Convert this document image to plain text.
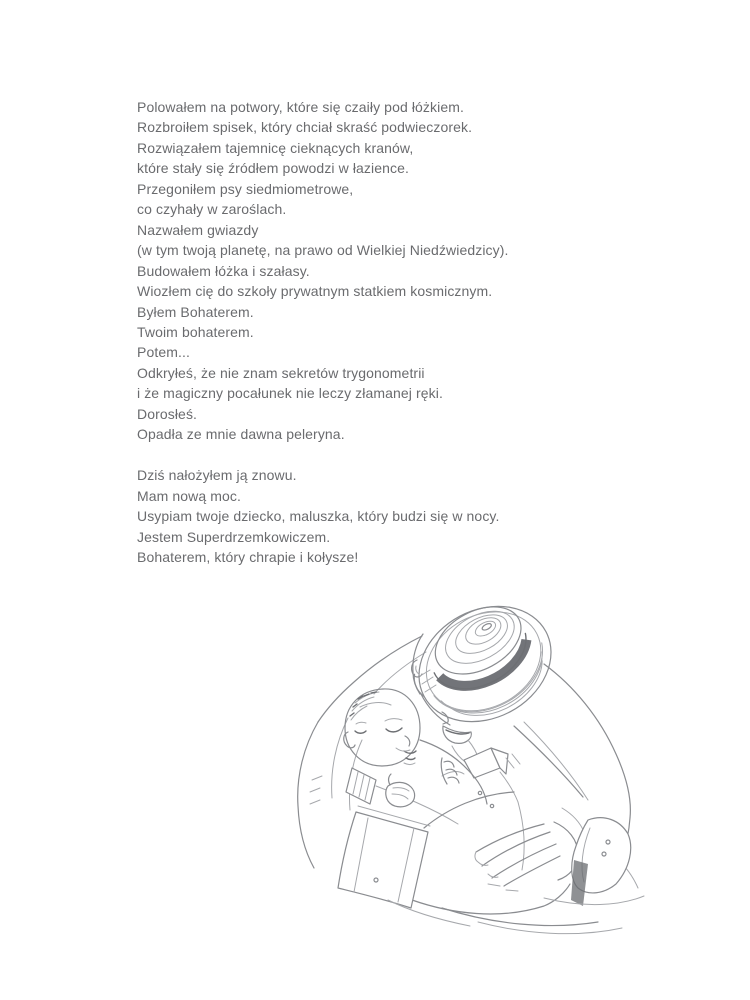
Polowałem na potwory, które się czaiły pod łóżkiem.

Rozbroiłem spisek, który chciał skraść podwieczorek.

Rozwiązałem tajemnicę cieknących kranów,

które stały się źródłem powodzi w łazience.

Przegoniłem psy siedmiometrowe,

co czyhały w zaroślach.

Nazwałem gwiazdy

(w tym twoją planetę, na prawo od Wielkiej Niedźwiedzicy).

Budowałem łóżka i szałasy.

Wiozłem cię do szkoły prywatnym statkiem kosmicznym.

Byłem Bohaterem.

Twoim bohaterem.

Potem...

Odkryłeś, że nie znam sekretów trygonometrii

i że magiczny pocałunek nie leczy złamanej ręki.

Dorosłeś.

Opadła ze mnie dawna peleryna.

Dziś nałożyłem ją znowu.

Mam nową moc.

Usypiam twoje dziecko, maluszka, który budzi się w nocy.

Jestem Superdrzemkowiczem.

Bohaterem, który chrapie i kołysze!
